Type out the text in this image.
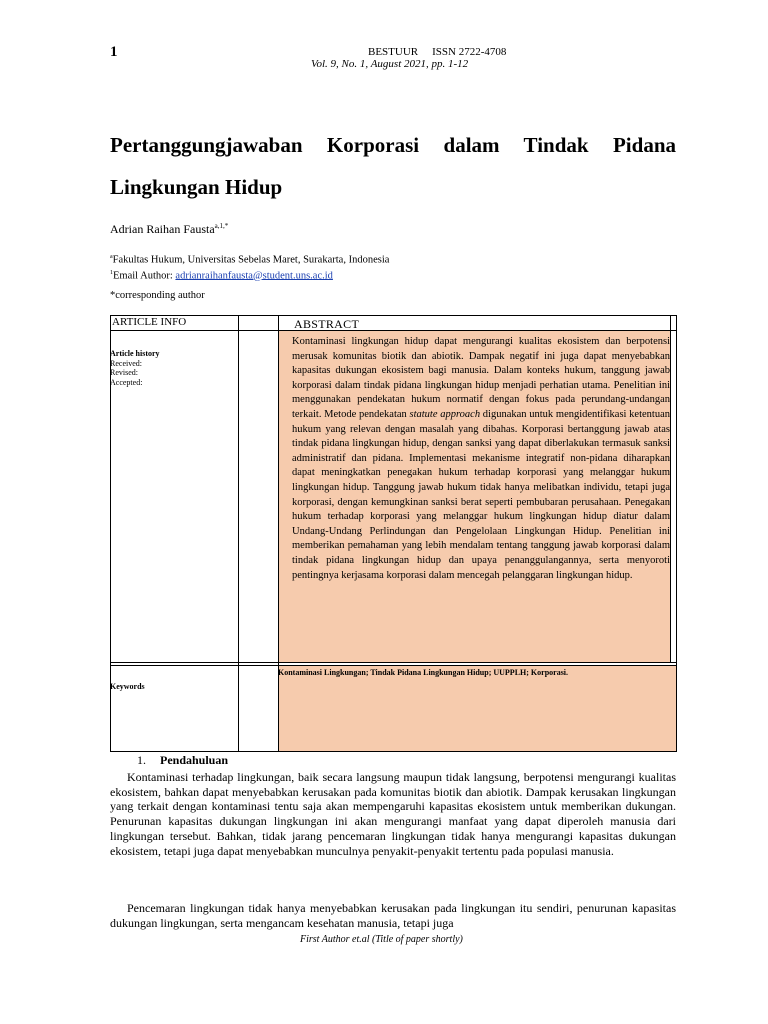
1	BESTUUR ISSN 2722-4708
Vol. 9, No. 1, August 2021, pp. 1-12
Pertanggungjawaban Korporasi dalam Tindak Pidana Lingkungan Hidup
Adrian Raihan Fausta$^{a,1,*}$
$^a$Fakultas Hukum, Universitas Sebelas Maret, Surakarta, Indonesia
$^1$Email Author: adrianraihanfausta@student.uns.ac.id
*corresponding author
ARTICLE INFO	ABSTRACT
Article history
Received:
Revised:
Accepted:
Kontaminasi lingkungan hidup dapat mengurangi kualitas ekosistem dan berpotensi merusak komunitas biotik dan abiotik. Dampak negatif ini juga dapat menyebabkan kapasitas dukungan ekosistem bagi manusia. Dalam konteks hukum, tanggung jawab korporasi dalam tindak pidana lingkungan hidup menjadi perhatian utama. Penelitian ini menggunakan pendekatan hukum normatif dengan fokus pada perundang-undangan terkait. Metode pendekatan statute approach digunakan untuk mengidentifikasi ketentuan hukum yang relevan dengan masalah yang dibahas. Korporasi bertanggung jawab atas tindak pidana lingkungan hidup, dengan sanksi yang dapat diberlakukan termasuk sanksi administratif dan pidana. Implementasi mekanisme integratif non-pidana diharapkan dapat meningkatkan penegakan hukum terhadap korporasi yang melanggar hukum lingkungan hidup. Tanggung jawab hukum tidak hanya melibatkan individu, tetapi juga korporasi, dengan kemungkinan sanksi berat seperti pembubaran perusahaan. Penegakan hukum terhadap korporasi yang melanggar hukum lingkungan hidup diatur dalam Undang-Undang Perlindungan dan Pengelolaan Lingkungan Hidup. Penelitian ini memberikan pemahaman yang lebih mendalam tentang tanggung jawab korporasi dalam tindak pidana lingkungan hidup dan upaya penanggulangannya, serta menyoroti pentingnya kerjasama korporasi dalam mencegah pelanggaran lingkungan hidup.
Keywords
Kontaminasi Lingkungan; Tindak Pidana Lingkungan Hidup; UUPPLH; Korporasi.
1. Pendahuluan
Kontaminasi terhadap lingkungan, baik secara langsung maupun tidak langsung, berpotensi mengurangi kualitas ekosistem, bahkan dapat menyebabkan kerusakan pada komunitas biotik dan abiotik. Dampak kerusakan lingkungan yang terkait dengan kontaminasi tentu saja akan mempengaruhi kapasitas ekosistem untuk memberikan dukungan. Penurunan kapasitas dukungan lingkungan ini akan mengurangi manfaat yang dapat diperoleh manusia dari lingkungan tersebut. Bahkan, tidak jarang pencemaran lingkungan tidak hanya mengurangi kapasitas dukungan ekosistem, tetapi juga dapat menyebabkan munculnya penyakit-penyakit tertentu pada populasi manusia.
Pencemaran lingkungan tidak hanya menyebabkan kerusakan pada lingkungan itu sendiri, penurunan kapasitas dukungan lingkungan, serta mengancam kesehatan manusia, tetapi juga
First Author et.al (Title of paper shortly)
